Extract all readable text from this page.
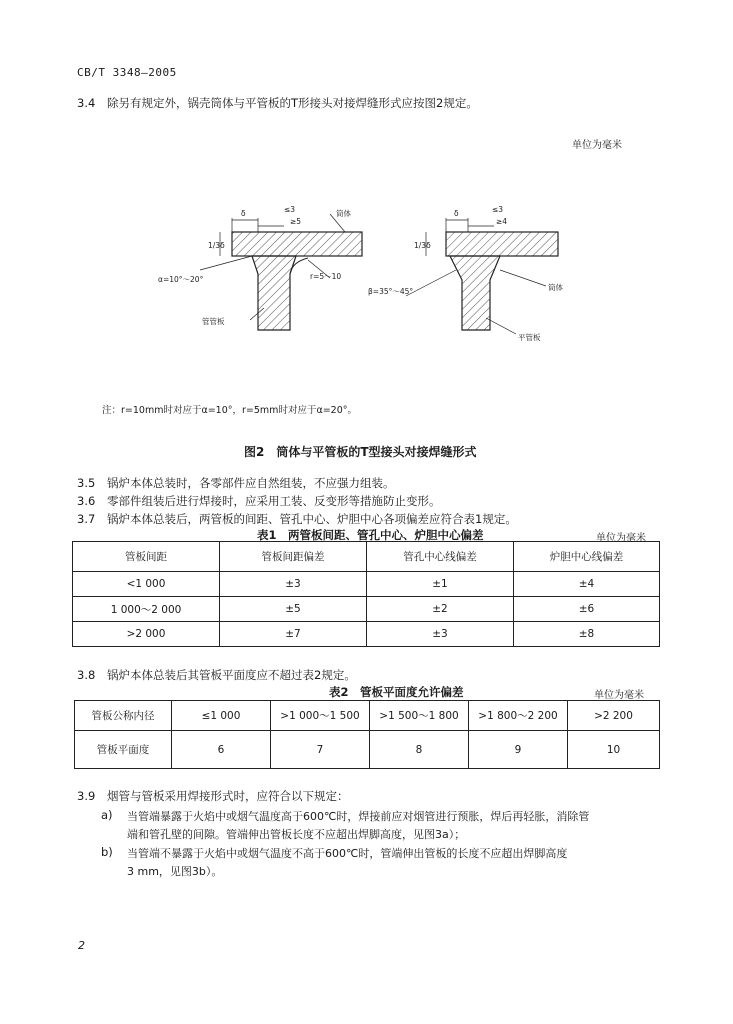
CB/T 3348—2005
3.4 除另有规定外，锅壳筒体与平管板的T形接头对接焊缝形式应按图2规定。
单位为毫米
δ	≤3
≥5
筒体
1/3δ
α=10°～20°	r=5～10
管管板
δ	≤3
≥4
1/3δ
β=35°～45°	筒体
平管板
注：r=10mm时对应于α=10°，r=5mm时对应于α=20°。
图2　筒体与平管板的T型接头对接焊缝形式
3.5 锅炉本体总装时，各零部件应自然组装，不应强力组装。
3.6 零部件组装后进行焊接时，应采用工装、反变形等措施防止变形。
3.7 锅炉本体总装后，两管板的间距、管孔中心、炉胆中心各项偏差应符合表1规定。
表1　两管板间距、管孔中心、炉胆中心偏差	单位为毫米
管板间距	管板间距偏差	管孔中心线偏差	炉胆中心线偏差
<1 000	±3	±1	±4
1 000～2 000	±5	±2	±6
>2 000	±7	±3	±8
3.8 锅炉本体总装后其管板平面度应不超过表2规定。
表2　管板平面度允许偏差	单位为毫米
管板公称内径	≤1 000	>1 000～1 500	>1 500～1 800	>1 800～2 200	>2 200
管板平面度	6	7	8	9	10
3.9 烟管与管板采用焊接形式时，应符合以下规定：
a) 当管端暴露于火焰中或烟气温度高于600℃时，焊接前应对烟管进行预胀，焊后再轻胀，消除管
端和管孔壁的间隙。管端伸出管板长度不应超出焊脚高度，见图3a）；
b) 当管端不暴露于火焰中或烟气温度不高于600℃时，管端伸出管板的长度不应超出焊脚高度
3 mm，见图3b）。
2
